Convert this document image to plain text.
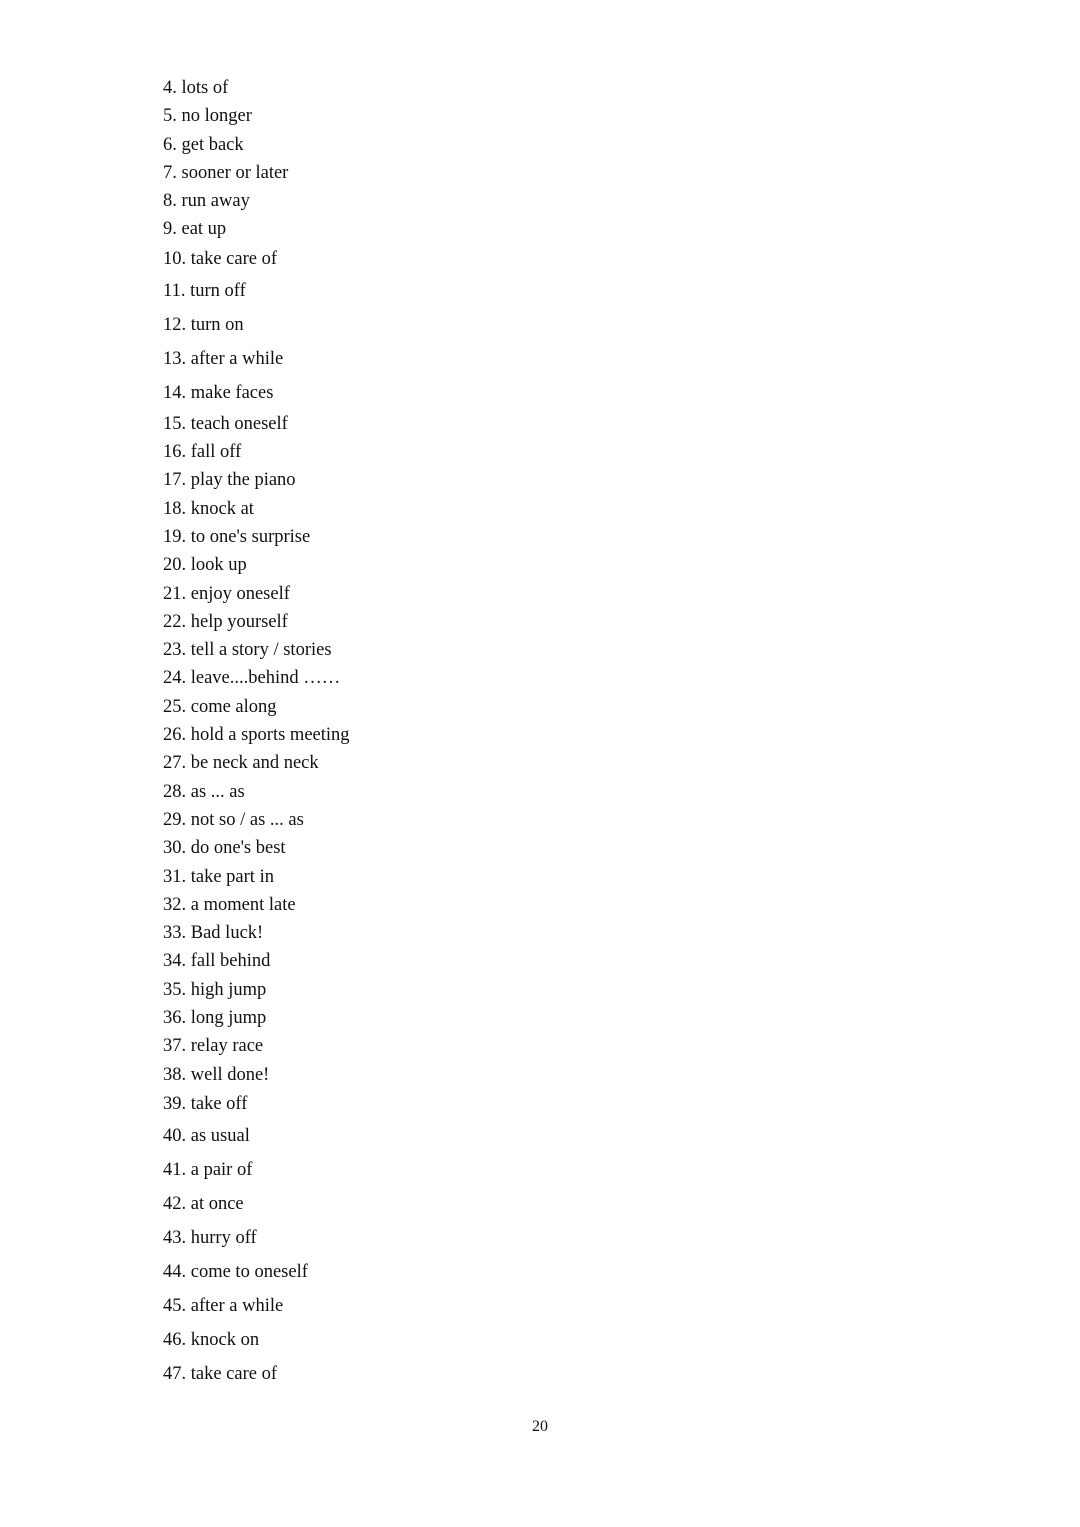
4. lots of
5. no longer
6. get back
7. sooner or later
8. run away
9. eat up
10. take care of
11. turn off
12. turn on
13. after a while
14. make faces
15. teach oneself
16. fall off
17. play the piano
18. knock at
19. to one's surprise
20. look up
21. enjoy oneself
22. help yourself
23. tell a story / stories
24. leave....behind ……
25. come along
26. hold a sports meeting
27. be neck and neck
28. as ... as
29. not so / as ... as
30. do one's best
31. take part in
32. a moment late
33. Bad luck!
34. fall behind
35. high jump
36. long jump
37. relay race
38. well done!
39. take off
40. as usual
41. a pair of
42. at once
43. hurry off
44. come to oneself
45. after a while
46. knock on
47. take care of
20
